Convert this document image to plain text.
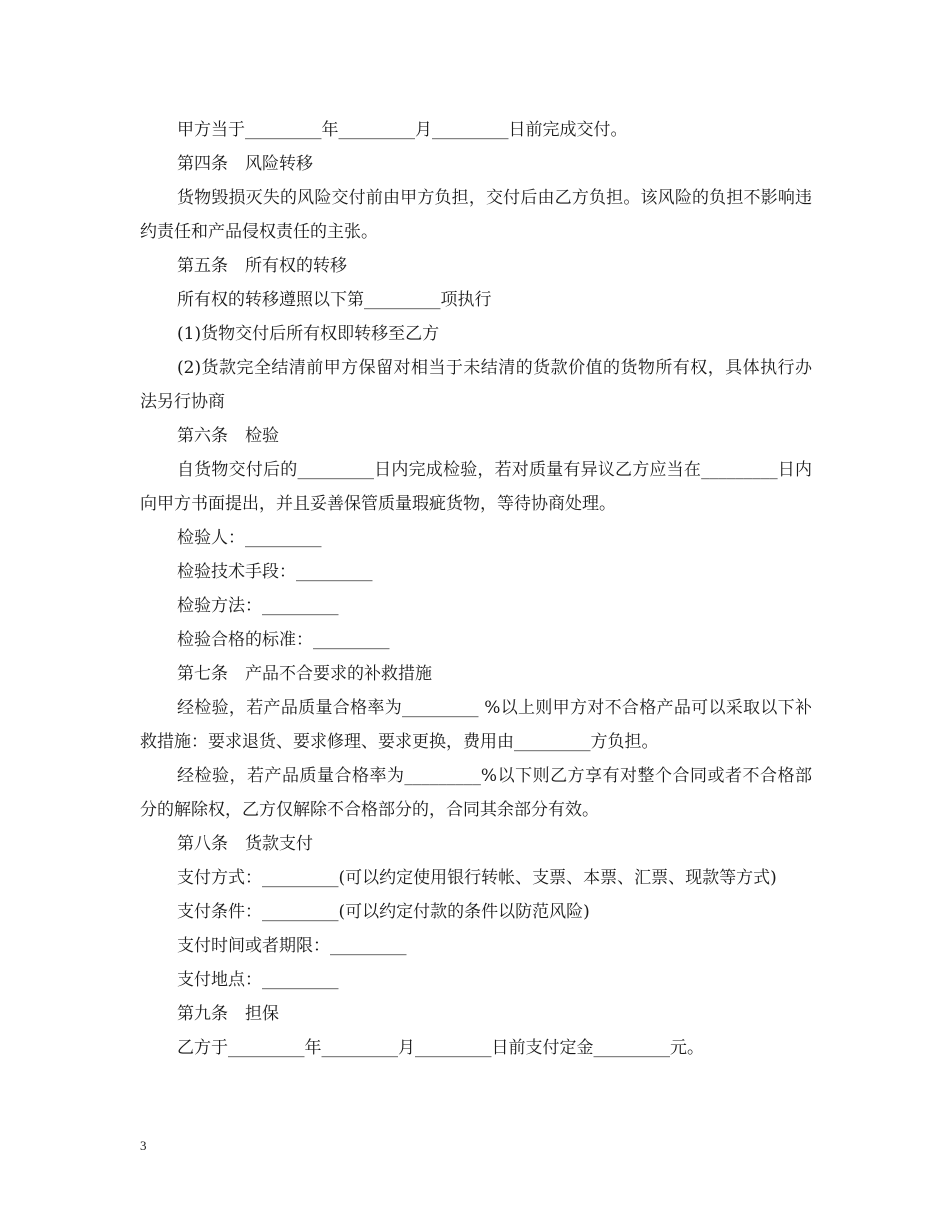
甲方当于_________年_________月_________日前完成交付。

第四条　风险转移

货物毁损灭失的风险交付前由甲方负担，交付后由乙方负担。该风险的负担不影响违约责任和产品侵权责任的主张。

第五条　所有权的转移

所有权的转移遵照以下第_________项执行

(1)货物交付后所有权即转移至乙方

(2)货款完全结清前甲方保留对相当于未结清的货款价值的货物所有权，具体执行办法另行协商

第六条　检验

自货物交付后的_________日内完成检验，若对质量有异议乙方应当在_________日内向甲方书面提出，并且妥善保管质量瑕疵货物，等待协商处理。

检验人：_________

检验技术手段：_________

检验方法：_________

检验合格的标准：_________

第七条　产品不合要求的补救措施

经检验，若产品质量合格率为_________ %以上则甲方对不合格产品可以采取以下补救措施：要求退货、要求修理、要求更换，费用由_________方负担。

经检验，若产品质量合格率为_________%以下则乙方享有对整个合同或者不合格部分的解除权，乙方仅解除不合格部分的，合同其余部分有效。

第八条　货款支付

支付方式：_________(可以约定使用银行转帐、支票、本票、汇票、现款等方式)

支付条件：_________(可以约定付款的条件以防范风险)

支付时间或者期限：_________

支付地点：_________

第九条　担保

乙方于_________年_________月_________日前支付定金_________元。

3
